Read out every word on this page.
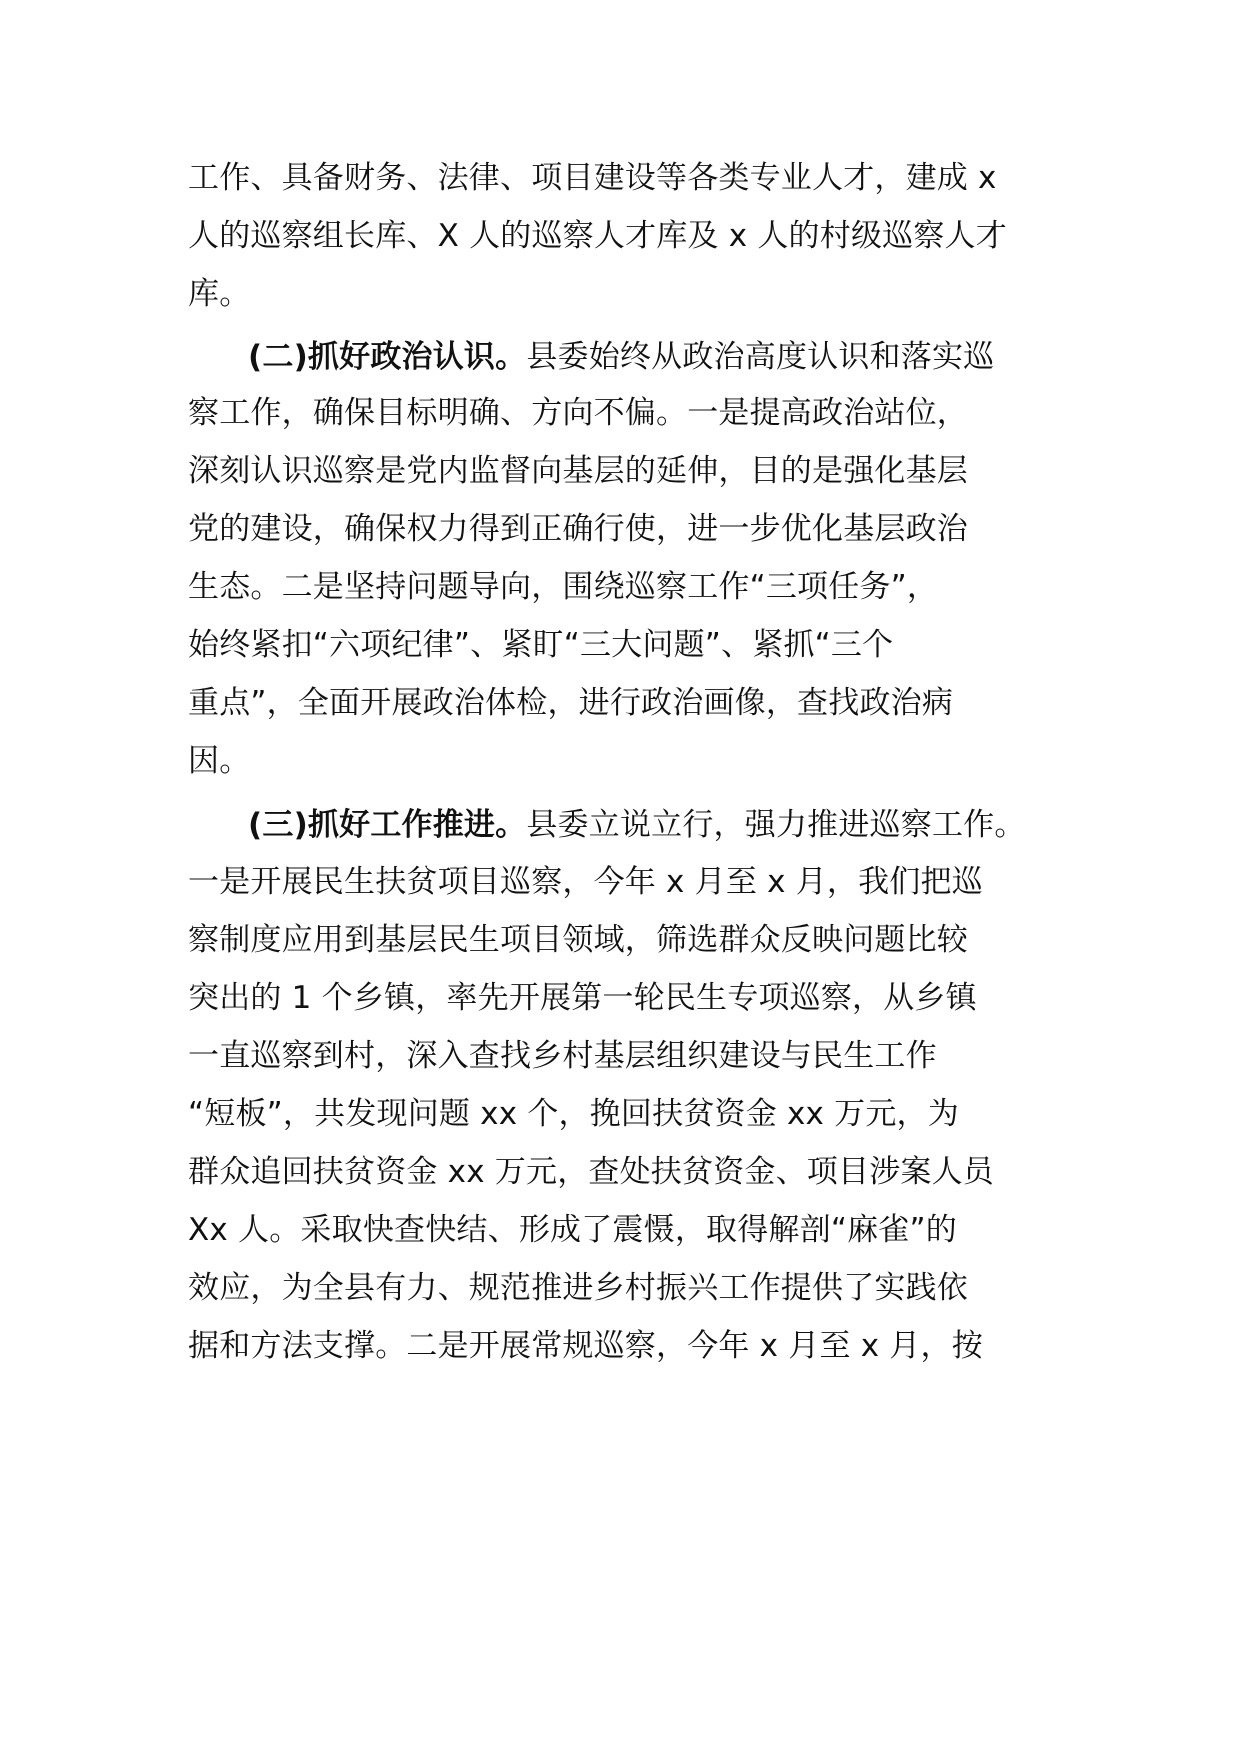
工作、具备财务、法律、项目建设等各类专业人才，建成 x
人的巡察组长库、X 人的巡察人才库及 x 人的村级巡察人才
库。
(二)抓好政治认识。县委始终从政治高度认识和落实巡
察工作，确保目标明确、方向不偏。一是提高政治站位，
深刻认识巡察是党内监督向基层的延伸，目的是强化基层
党的建设，确保权力得到正确行使，进一步优化基层政治
生态。二是坚持问题导向，围绕巡察工作“三项任务”，
始终紧扣“六项纪律”、紧盯“三大问题”、紧抓“三个
重点”，全面开展政治体检，进行政治画像，查找政治病
因。
(三)抓好工作推进。县委立说立行，强力推进巡察工作。
一是开展民生扶贫项目巡察，今年 x 月至 x 月，我们把巡
察制度应用到基层民生项目领域，筛选群众反映问题比较
突出的 1 个乡镇，率先开展第一轮民生专项巡察，从乡镇
一直巡察到村，深入查找乡村基层组织建设与民生工作
“短板”，共发现问题 xx 个，挽回扶贫资金 xx 万元，为
群众追回扶贫资金 xx 万元，查处扶贫资金、项目涉案人员
Xx 人。采取快查快结、形成了震慑，取得解剖“麻雀”的
效应，为全县有力、规范推进乡村振兴工作提供了实践依
据和方法支撑。二是开展常规巡察，今年 x 月至 x 月，按
